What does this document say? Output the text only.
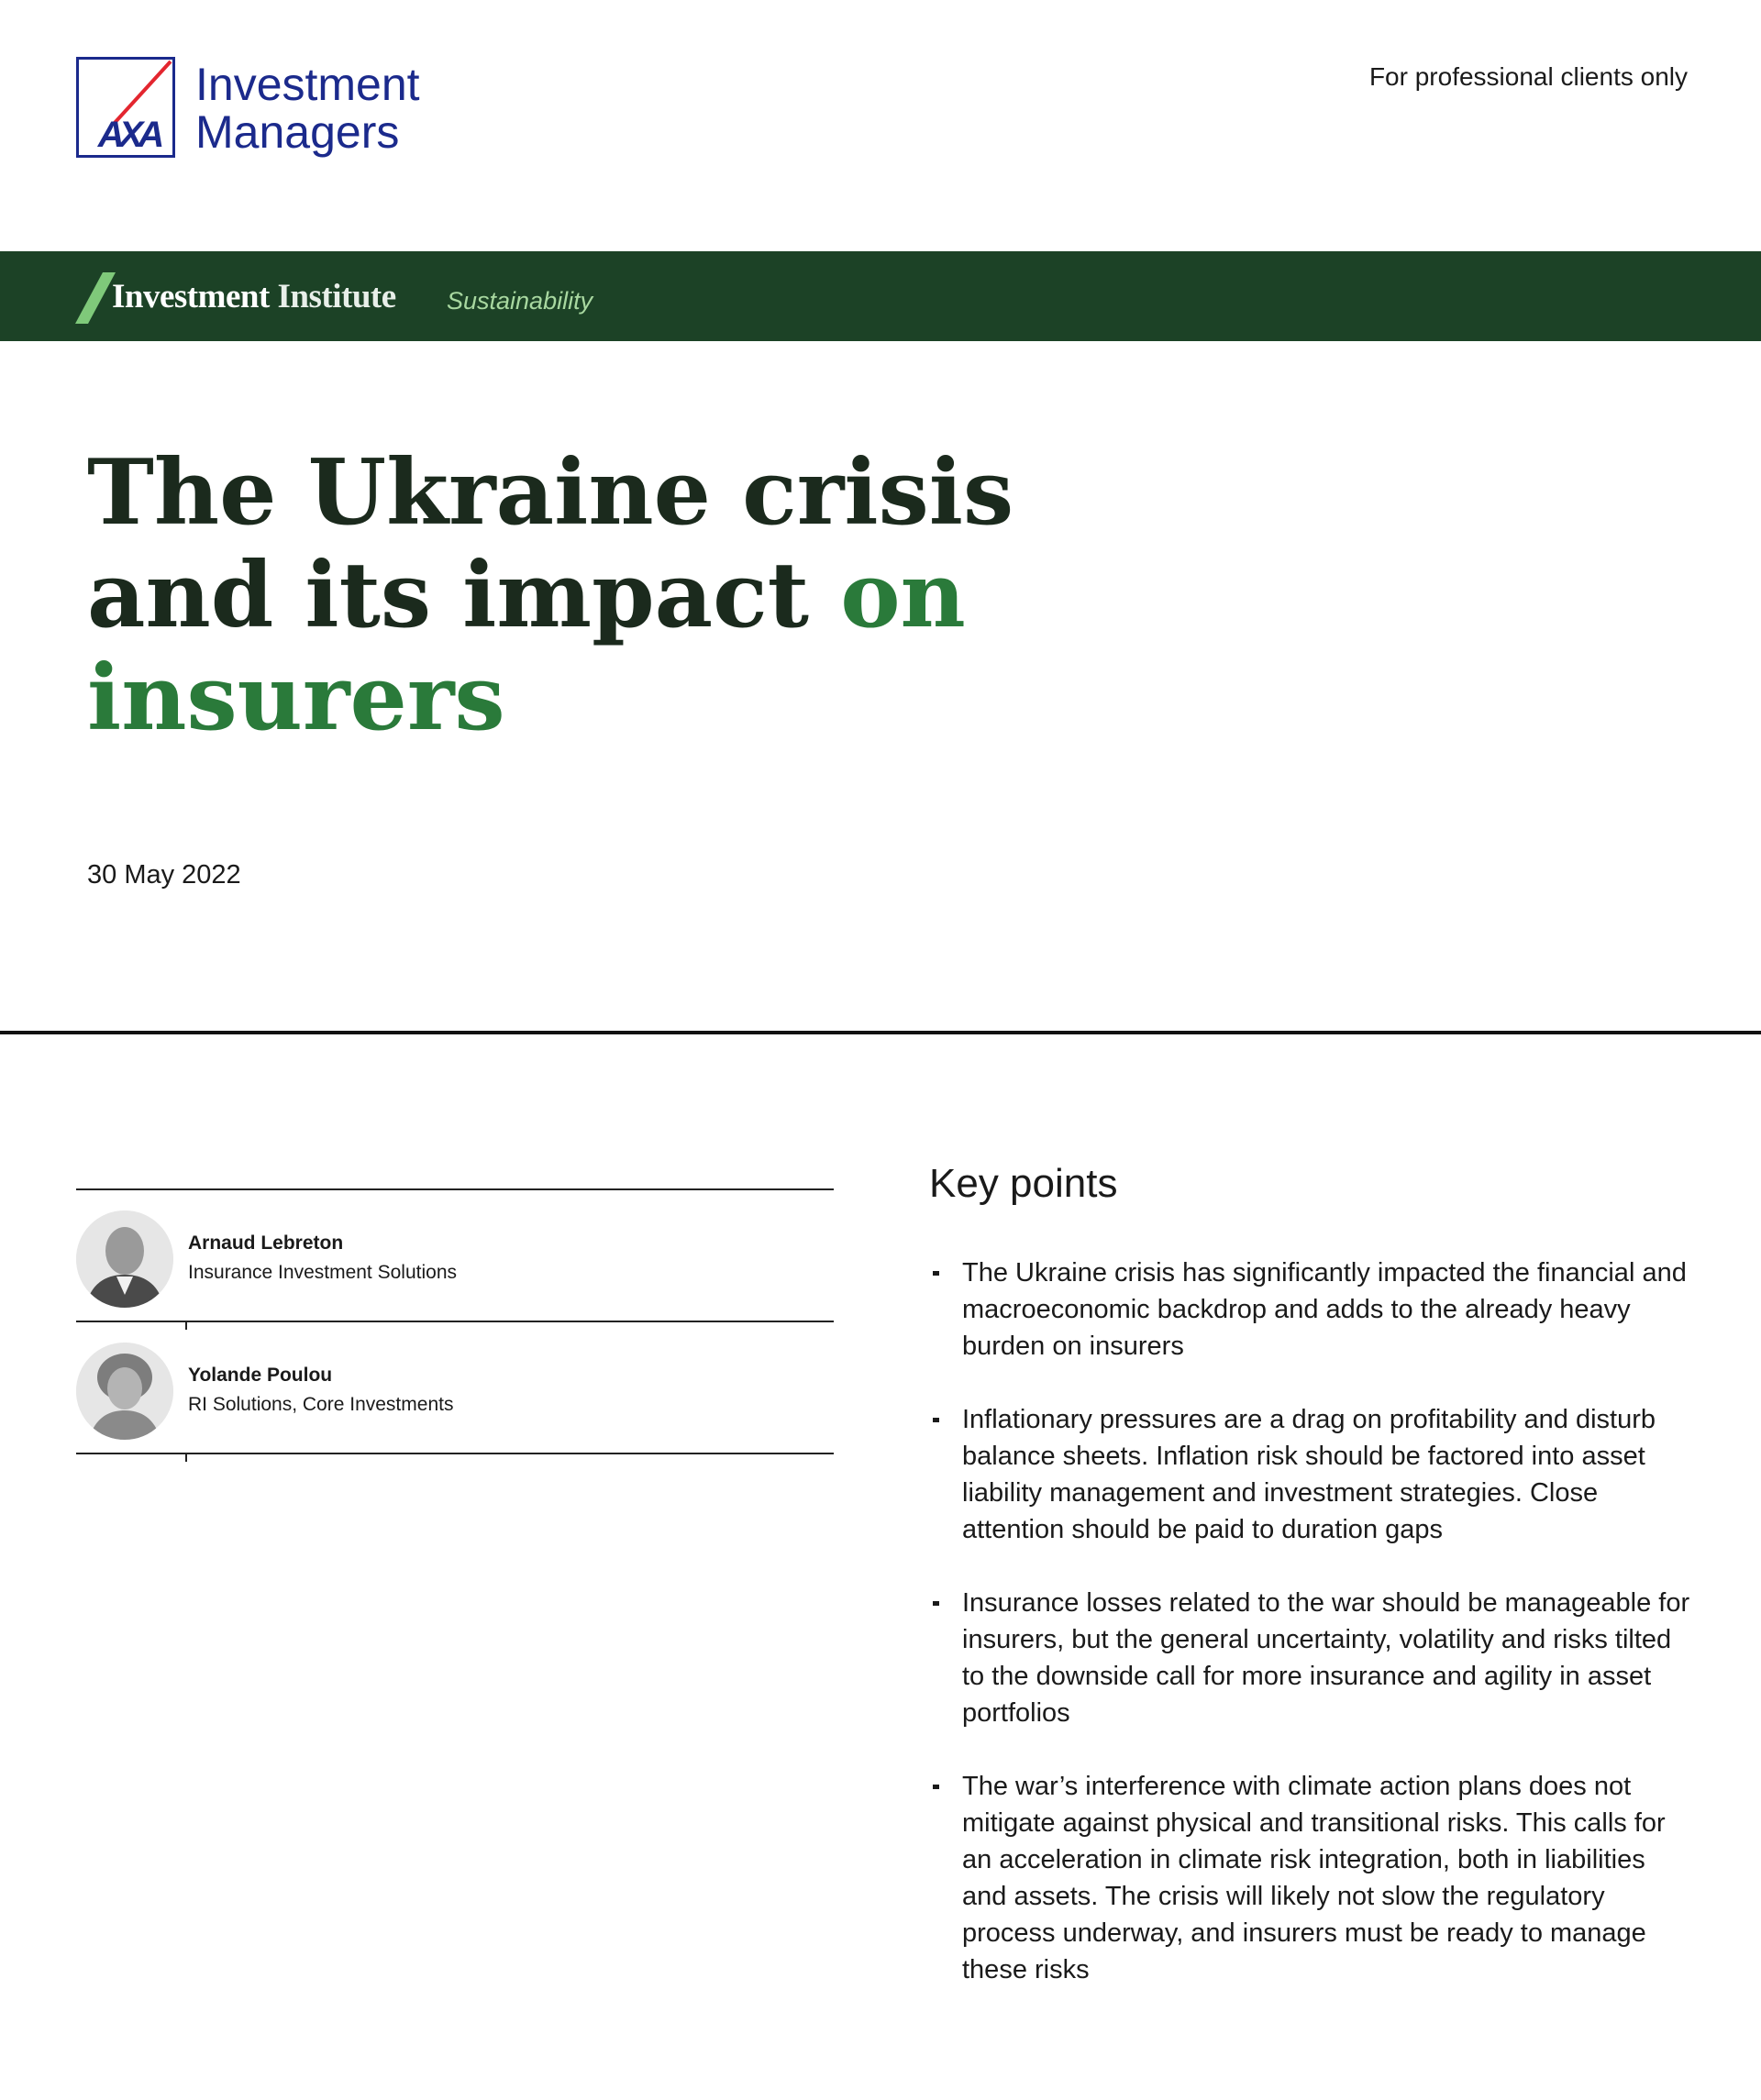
AXA
Investment
Managers
For professional clients only
Investment Institute Sustainability
The Ukraine crisis and its impact on insurers
30 May 2022
Arnaud Lebreton
Insurance Investment Solutions
Yolande Poulou
RI Solutions, Core Investments
Key points
The Ukraine crisis has significantly impacted the financial and macroeconomic backdrop and adds to the already heavy burden on insurers
Inflationary pressures are a drag on profitability and disturb balance sheets. Inflation risk should be factored into asset liability management and investment strategies. Close attention should be paid to duration gaps
Insurance losses related to the war should be manageable for insurers, but the general uncertainty, volatility and risks tilted to the downside call for more insurance and agility in asset portfolios
The war’s interference with climate action plans does not mitigate against physical and transitional risks. This calls for an acceleration in climate risk integration, both in liabilities and assets. The crisis will likely not slow the regulatory process underway, and insurers must be ready to manage these risks
